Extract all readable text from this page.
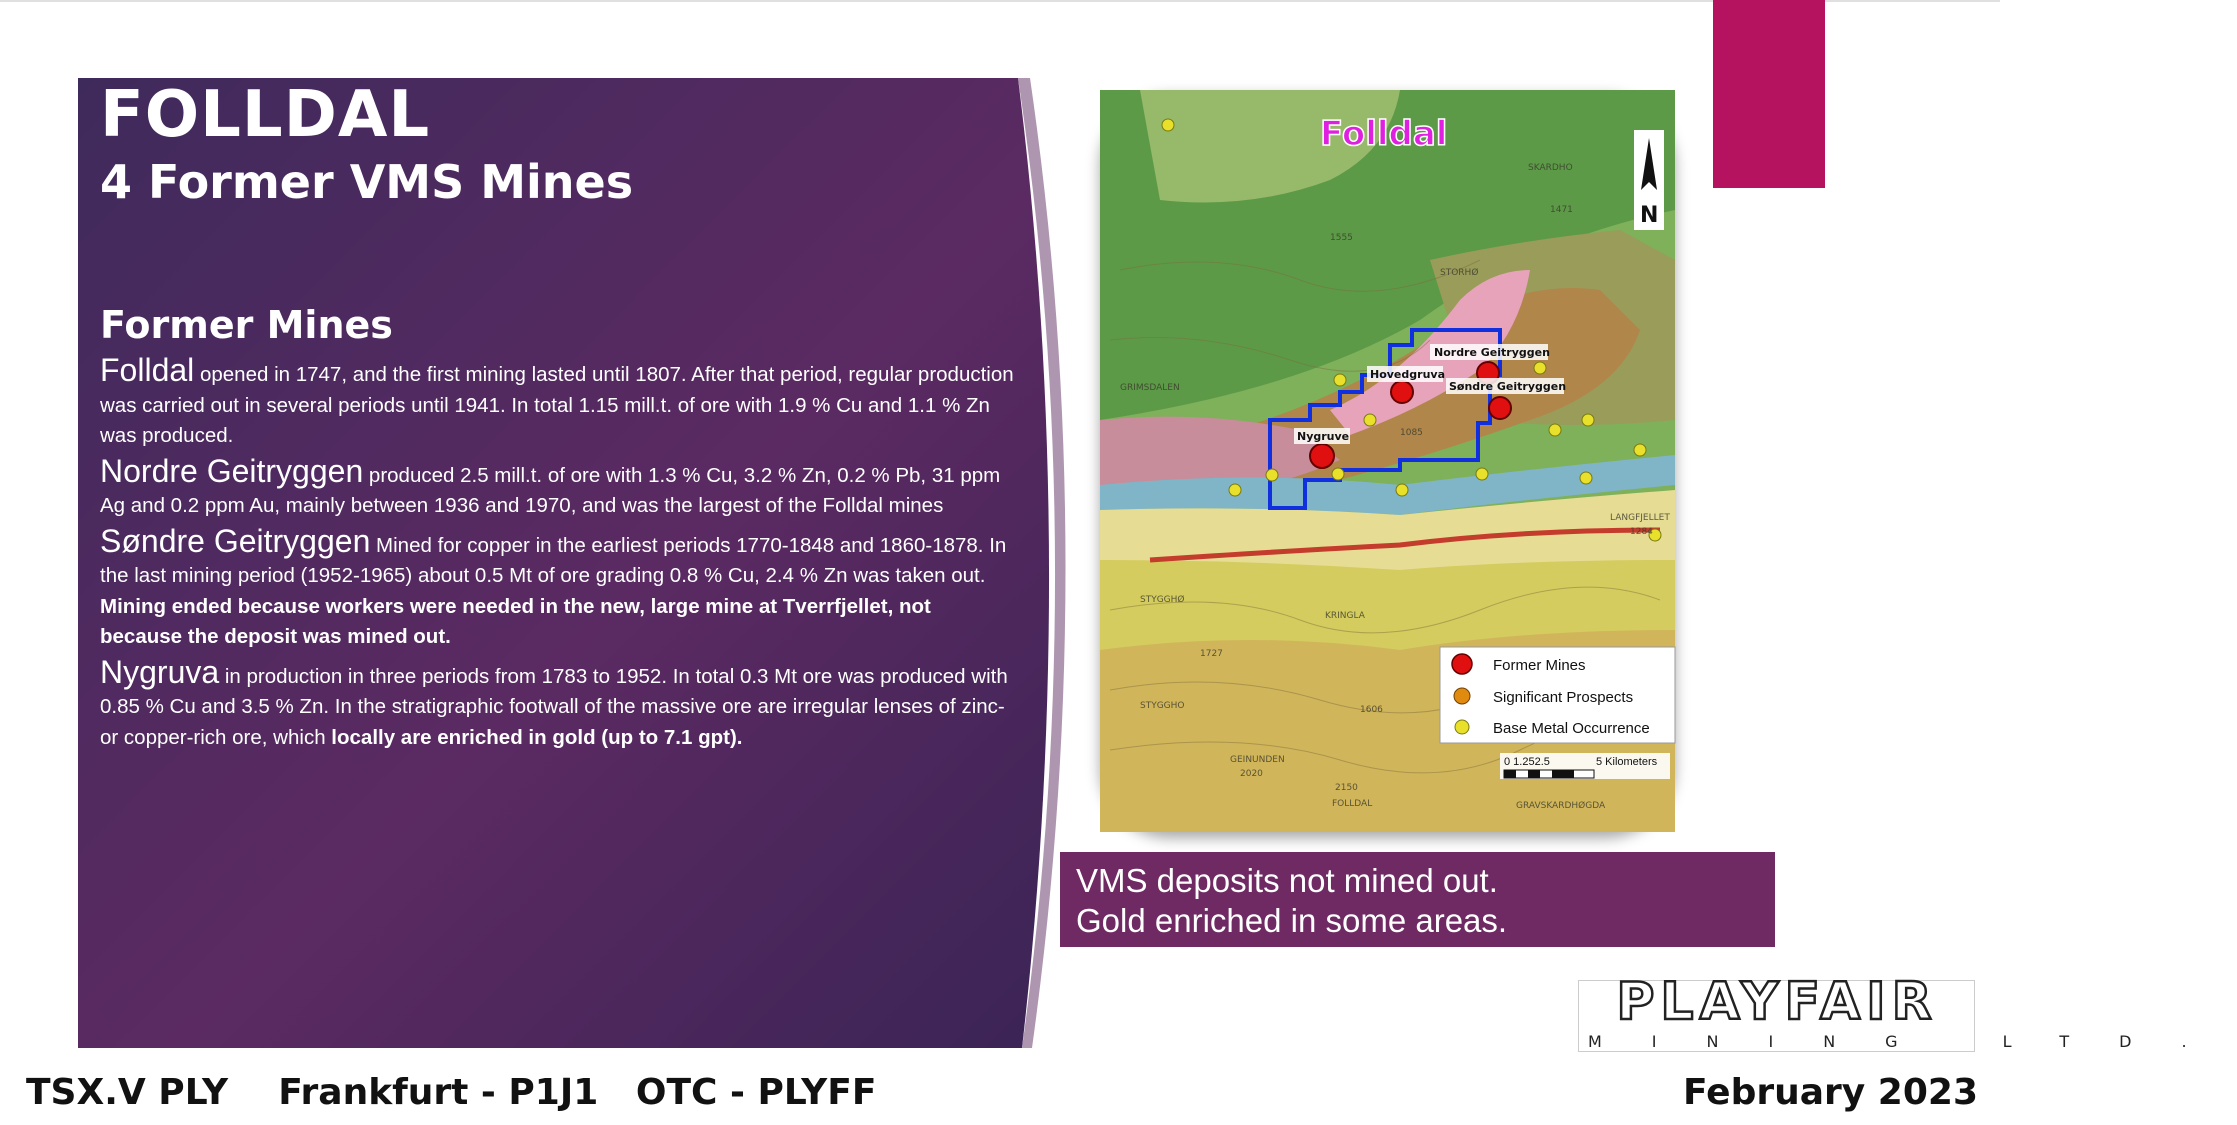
FOLLDAL
4 Former VMS Mines
Former Mines

Folldal opened in 1747, and the first mining lasted until 1807. After that period, regular production was carried out in several periods until 1941. In total 1.15 mill.t. of ore with 1.9 % Cu and 1.1 % Zn was produced.

Nordre Geitryggen produced 2.5 mill.t. of ore with 1.3 % Cu, 3.2 % Zn, 0.2 % Pb, 31 ppm Ag and 0.2 ppm Au, mainly between 1936 and 1970, and was the largest of the Folldal mines

Søndre Geitryggen Mined for copper in the earliest periods 1770-1848 and 1860-1878. In the last mining period (1952-1965) about 0.5 Mt of ore grading 0.8 % Cu, 2.4 % Zn was taken out. Mining ended because workers were needed in the new, large mine at Tverrfjellet, not because the deposit was mined out.

Nygruva in production in three periods from 1783 to 1952. In total 0.3 Mt ore was produced with 0.85 % Cu and 3.5 % Zn. In the stratigraphic footwall of the massive ore are irregular lenses of zinc- or copper-rich ore, which locally are enriched in gold (up to 7.1 gpt).

Nordre Geitryggen
Hovedgruva
Søndre Geitryggen
Nygruve
SKARDHO
1471
1555
STORHØ
GRIMSDALEN
1085
LANGFJELLET
1284
STYGGHØ
1727
KRINGLA
1606
STYGGHO
GEINUNDEN
2020
2150
FOLLDAL	GRAVSKARDHØGDA
Folldal
N
Former Mines
Significant Prospects
Base Metal Occurrence
0 1.252.5	5 Kilometers
VMS deposits not mined out.
Gold enriched in some areas.
PLAYFAIR
MINING LTD.
TSX.V PLY    Frankfurt - P1J1   OTC - PLYFF	February 2023
